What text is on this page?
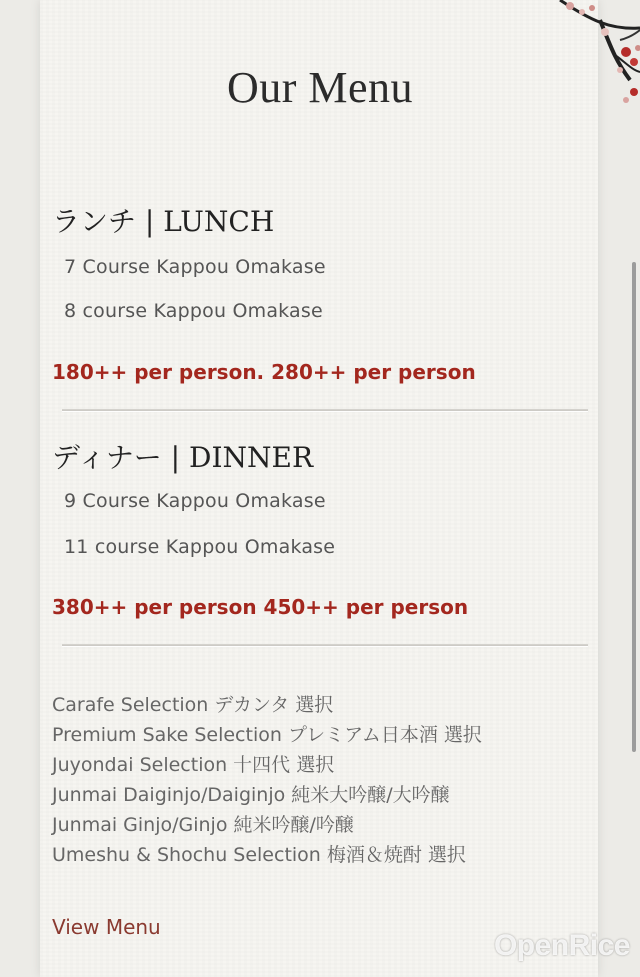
Our Menu
ランチ | LUNCH
7 Course Kappou Omakase
8 course Kappou Omakase
180++ per person. 280++ per person
ディナー | DINNER
9 Course Kappou Omakase
11 course Kappou Omakase
380++ per person 450++ per person
Carafe Selection デカンタ 選択
Premium Sake Selection プレミアム日本酒 選択
Juyondai Selection 十四代 選択
Junmai Daiginjo/Daiginjo 純米大吟醸/大吟醸
Junmai Ginjo/Ginjo 純米吟醸/吟醸
Umeshu & Shochu Selection 梅酒＆焼酎 選択
View Menu
OpenRice
